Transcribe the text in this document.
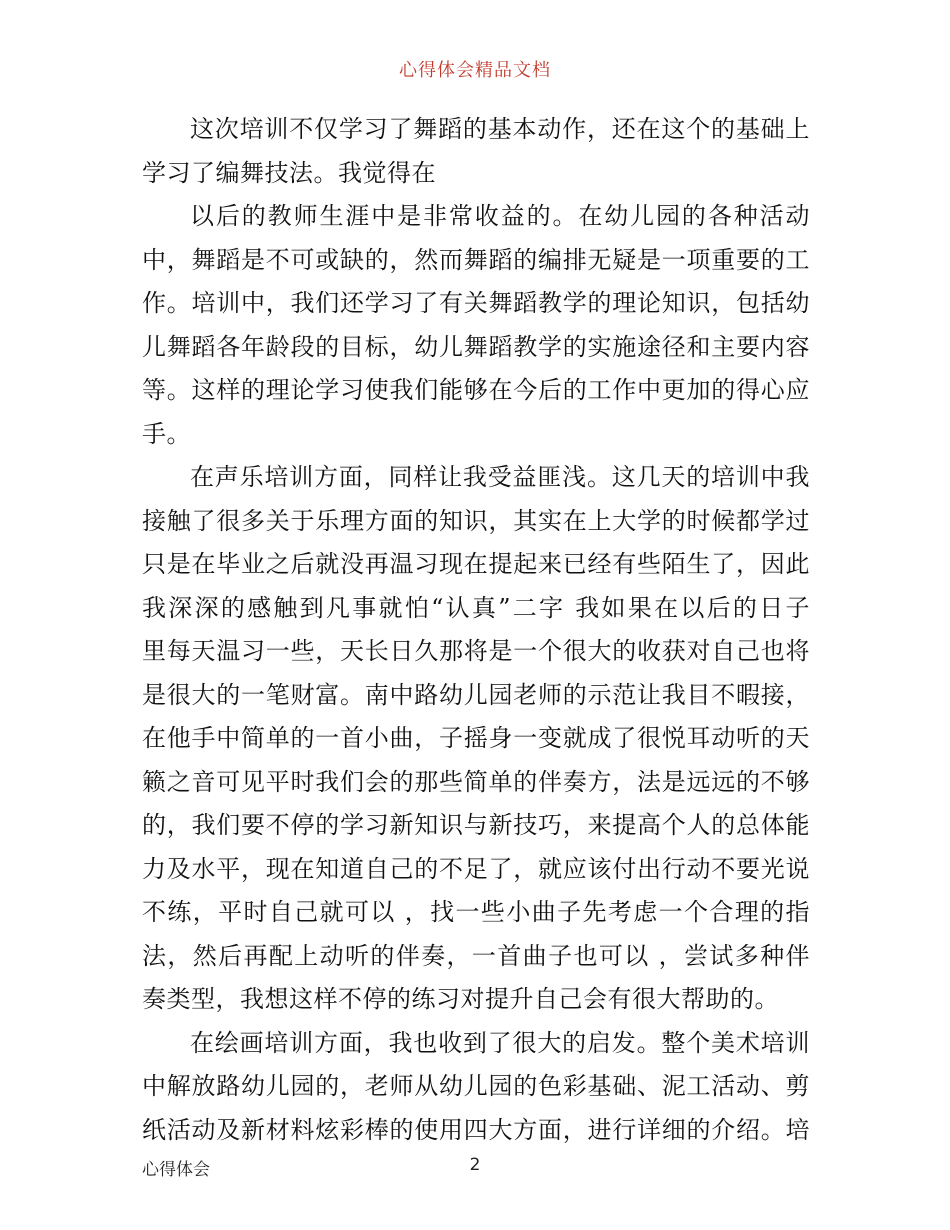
心得体会精品文档
这次培训不仅学习了舞蹈的基本动作，还在这个的基础上
学习了编舞技法。我觉得在
以后的教师生涯中是非常收益的。在幼儿园的各种活动
中，舞蹈是不可或缺的，然而舞蹈的编排无疑是一项重要的工
作。培训中，我们还学习了有关舞蹈教学的理论知识，包括幼
儿舞蹈各年龄段的目标，幼儿舞蹈教学的实施途径和主要内容
等。这样的理论学习使我们能够在今后的工作中更加的得心应
手。
在声乐培训方面，同样让我受益匪浅。这几天的培训中我
接触了很多关于乐理方面的知识，其实在上大学的时候都学过
只是在毕业之后就没再温习现在提起来已经有些陌生了，因此
我深深的感触到凡事就怕“认真”二字 我如果在以后的日子
里每天温习一些，天长日久那将是一个很大的收获对自己也将
是很大的一笔财富。南中路幼儿园老师的示范让我目不暇接，
在他手中简单的一首小曲，子摇身一变就成了很悦耳动听的天
籁之音可见平时我们会的那些简单的伴奏方，法是远远的不够
的，我们要不停的学习新知识与新技巧，来提高个人的总体能
力及水平，现在知道自己的不足了，就应该付出行动不要光说
不练，平时自己就可以 ，找一些小曲子先考虑一个合理的指
法，然后再配上动听的伴奏，一首曲子也可以 ，尝试多种伴
奏类型，我想这样不停的练习对提升自己会有很大帮助的。
在绘画培训方面，我也收到了很大的启发。整个美术培训
中解放路幼儿园的，老师从幼儿园的色彩基础、泥工活动、剪
纸活动及新材料炫彩棒的使用四大方面，进行详细的介绍。培
心得体会	2
